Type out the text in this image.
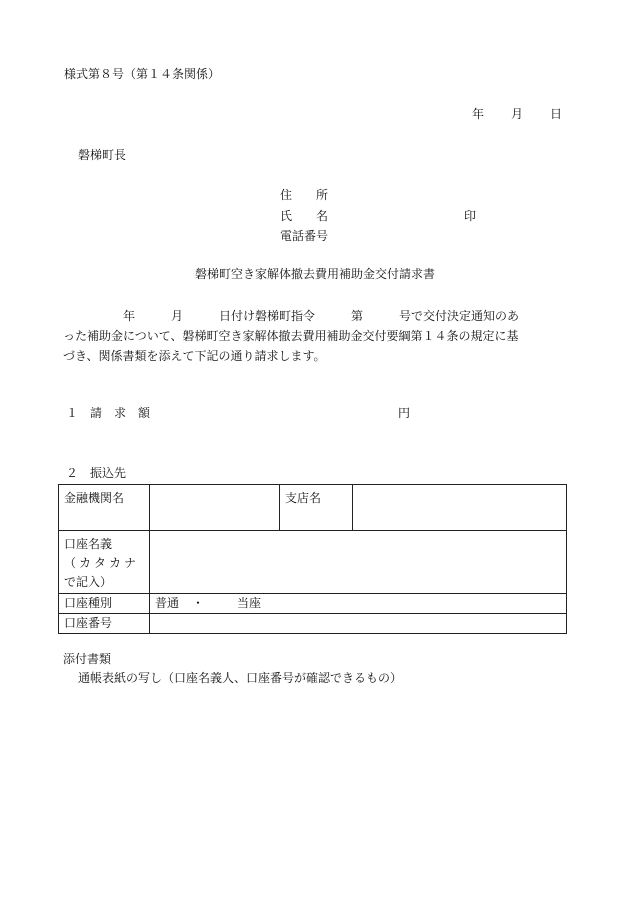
様式第８号（第１４条関係）
年 月 日
磐梯町長
住　　所
氏　　名	印
電話番号
磐梯町空き家解体撤去費用補助金交付請求書
　　　　　年　　　月　　　日付け磐梯町指令　　　第　　　号で交付決定通知のあ
った補助金について、磐梯町空き家解体撤去費用補助金交付要綱第１４条の規定に基
づき、関係書類を添えて下記の通り請求します。
１　請　求　額	円
２　振込先
金融機関名		支店名	

口座名義
（カタカナ
で記入）			

口座種別	普通 ・ 当座		
口座番号			
添付書類
通帳表紙の写し（口座名義人、口座番号が確認できるもの）
